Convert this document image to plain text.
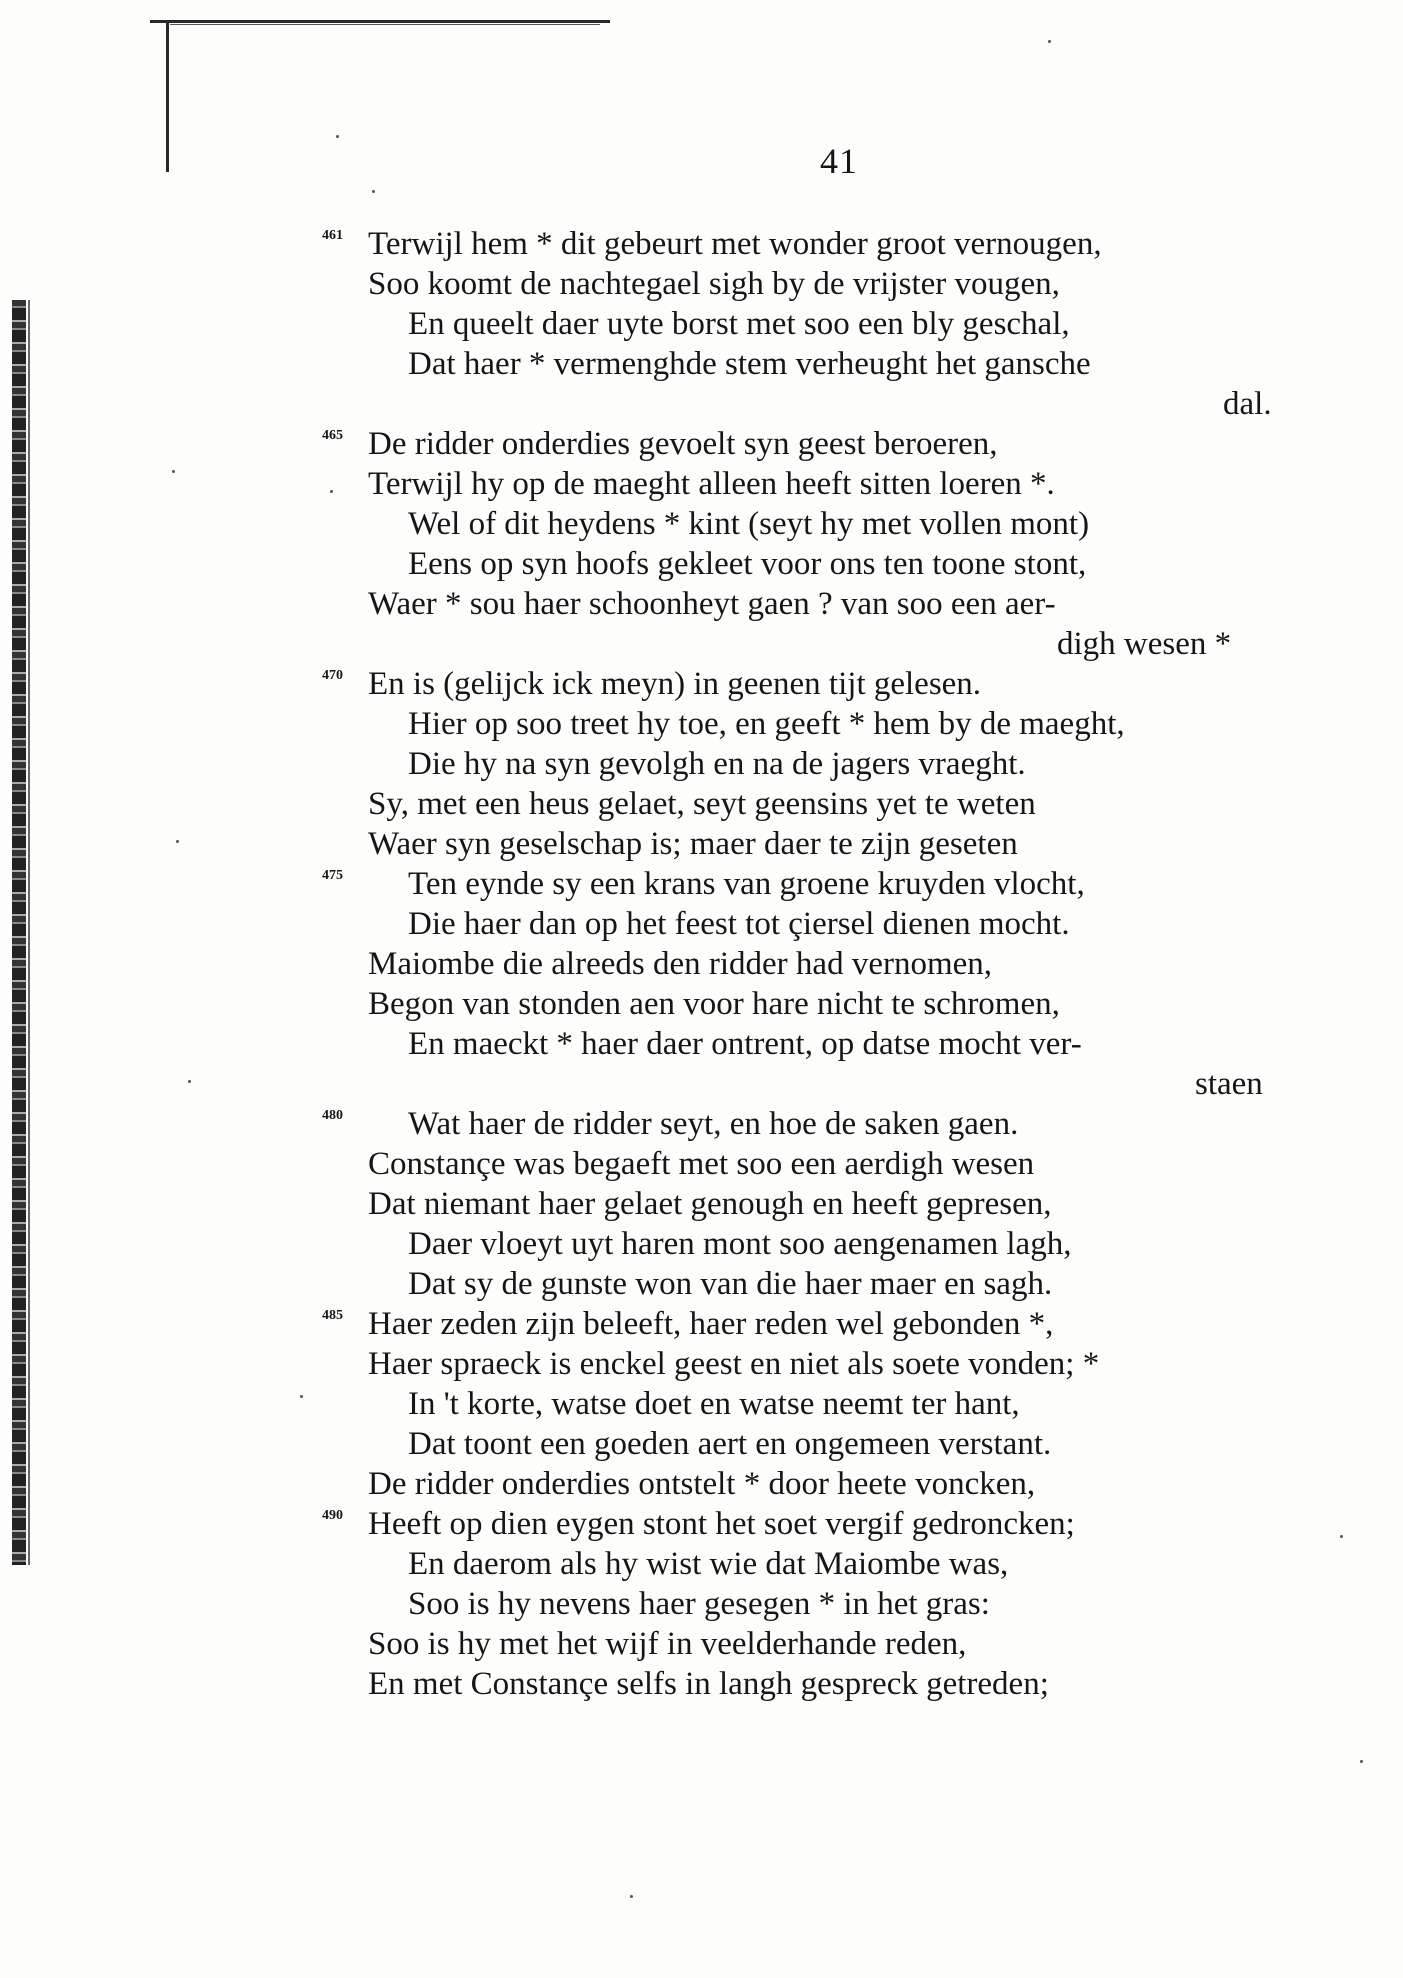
41
461 Terwijl hem * dit gebeurt met wonder groot vernougen,
Soo koomt de nachtegael sigh by de vrijster vougen,
En queelt daer uyte borst met soo een bly geschal,
Dat haer * vermenghde stem verheught het gansche
dal.
465 De ridder onderdies gevoelt syn geest beroeren,
Terwijl hy op de maeght alleen heeft sitten loeren *.
Wel of dit heydens * kint (seyt hy met vollen mont)
Eens op syn hoofs gekleet voor ons ten toone stont,
Waer * sou haer schoonheyt gaen ? van soo een aer-
digh wesen *
470 En is (gelijck ick meyn) in geenen tijt gelesen.
Hier op soo treet hy toe, en geeft * hem by de maeght,
Die hy na syn gevolgh en na de jagers vraeght.
Sy, met een heus gelaet, seyt geensins yet te weten
Waer syn geselschap is; maer daer te zijn geseten
475 Ten eynde sy een krans van groene kruyden vlocht,
Die haer dan op het feest tot çiersel dienen mocht.
Maiombe die alreeds den ridder had vernomen,
Begon van stonden aen voor hare nicht te schromen,
En maeckt * haer daer ontrent, op datse mocht ver-
staen
480 Wat haer de ridder seyt, en hoe de saken gaen.
Constançe was begaeft met soo een aerdigh wesen
Dat niemant haer gelaet genough en heeft gepresen,
Daer vloeyt uyt haren mont soo aengenamen lagh,
Dat sy de gunste won van die haer maer en sagh.
485 Haer zeden zijn beleeft, haer reden wel gebonden *,
Haer spraeck is enckel geest en niet als soete vonden; *
In 't korte, watse doet en watse neemt ter hant,
Dat toont een goeden aert en ongemeen verstant.
De ridder onderdies ontstelt * door heete voncken,
490 Heeft op dien eygen stont het soet vergif gedroncken;
En daerom als hy wist wie dat Maiombe was,
Soo is hy nevens haer gesegen * in het gras:
Soo is hy met het wijf in veelderhande reden,
En met Constançe selfs in langh gespreck getreden;
